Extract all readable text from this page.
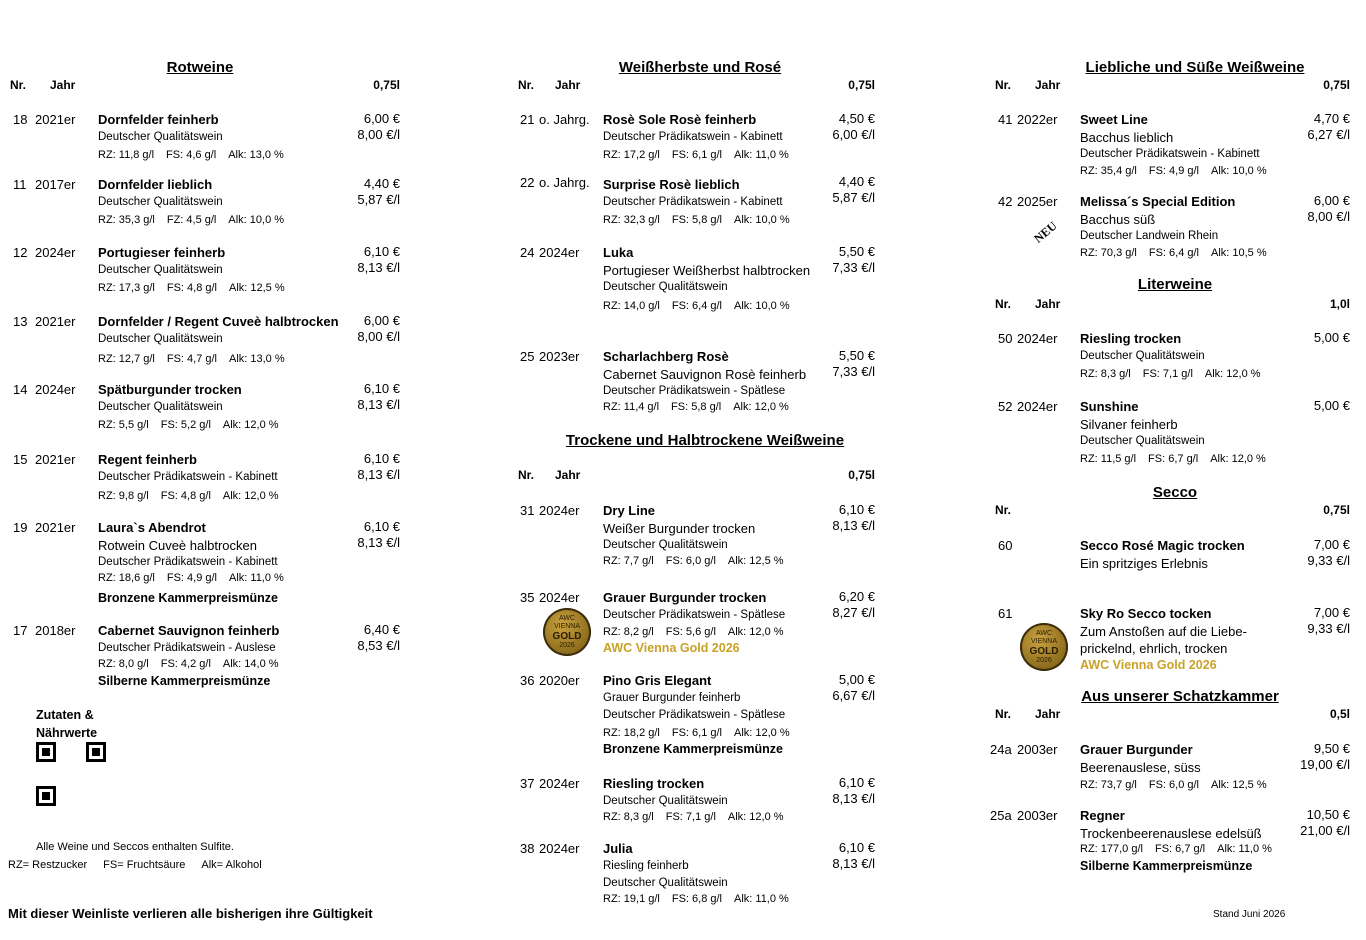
Rotweine
Nr. Jahr	0,75l
18 2021er Dornfelder feinherb
Deutscher Qualitätswein
RZ: 11,8 g/l FS: 4,6 g/l Alk: 13,0 %
6,00 €
8,00 €/l
11 2017er Dornfelder lieblich
Deutscher Qualitätswein
RZ: 35,3 g/l FZ: 4,5 g/l Alk: 10,0 %
4,40 €
5,87 €/l
12 2024er Portugieser feinherb
Deutscher Qualitätswein
RZ: 17,3 g/l FS: 4,8 g/l Alk: 12,5 %
6,10 €
8,13 €/l
13 2021er Dornfelder / Regent Cuveè halbtrocken
Deutscher Qualitätswein
RZ: 12,7 g/l FS: 4,7 g/l Alk: 13,0 %
6,00 €
8,00 €/l
14 2024er Spätburgunder trocken
Deutscher Qualitätswein
RZ: 5,5 g/l FS: 5,2 g/l Alk: 12,0 %
6,10 €
8,13 €/l
15 2021er Regent feinherb
Deutscher Prädikatswein - Kabinett
RZ: 9,8 g/l FS: 4,8 g/l Alk: 12,0 %
6,10 €
8,13 €/l
19 2021er Laura`s Abendrot
Rotwein Cuveè halbtrocken
Deutscher Prädikatswein - Kabinett
RZ: 18,6 g/l FS: 4,9 g/l Alk: 11,0 %
Bronzene Kammerpreismünze
6,10 €
8,13 €/l
17 2018er Cabernet Sauvignon feinherb
Deutscher Prädikatswein - Auslese
RZ: 8,0 g/l FS: 4,2 g/l Alk: 14,0 %
Silberne Kammerpreismünze
6,40 €
8,53 €/l
Zutaten &
Nährwerte
Alle Weine und Seccos enthalten Sulfite.
RZ= Restzucker FS= Fruchtsäure Alk= Alkohol
Mit dieser Weinliste verlieren alle bisherigen ihre Gültigkeit
Weißherbste und Rosé
Nr. Jahr	0,75l
21 o. Jahrg. Rosè Sole Rosè feinherb
Deutscher Prädikatswein - Kabinett
RZ: 17,2 g/l FS: 6,1 g/l Alk: 11,0 %
4,50 €
6,00 €/l
22 o. Jahrg. Surprise Rosè lieblich
Deutscher Prädikatswein - Kabinett
RZ: 32,3 g/l FS: 5,8 g/l Alk: 10,0 %
4,40 €
5,87 €/l
24 2024er Luka
Portugieser Weißherbst halbtrocken
Deutscher Qualitätswein
RZ: 14,0 g/l FS: 6,4 g/l Alk: 10,0 %
5,50 €
7,33 €/l
25 2023er Scharlachberg Rosè
Cabernet Sauvignon Rosè feinherb
Deutscher Prädikatswein - Spätlese
RZ: 11,4 g/l FS: 5,8 g/l Alk: 12,0 %
5,50 €
7,33 €/l
Trockene und Halbtrockene Weißweine
Nr. Jahr	0,75l
31 2024er Dry Line
Weißer Burgunder trocken
Deutscher Qualitätswein
RZ: 7,7 g/l FS: 6,0 g/l Alk: 12,5 %
6,10 €
8,13 €/l
35 2024er Grauer Burgunder trocken
Deutscher Prädikatswein - Spätlese
RZ: 8,2 g/l FS: 5,6 g/l Alk: 12,0 %
AWC Vienna Gold 2026
6,20 €
8,27 €/l
AWC
VIENNA
GOLD
2026
36 2020er Pino Gris Elegant
Grauer Burgunder feinherb
Deutscher Prädikatswein - Spätlese
RZ: 18,2 g/l FS: 6,1 g/l Alk: 12,0 %
Bronzene Kammerpreismünze
5,00 €
6,67 €/l
37 2024er Riesling trocken
Deutscher Qualitätswein
RZ: 8,3 g/l FS: 7,1 g/l Alk: 12,0 %
6,10 €
8,13 €/l
38 2024er Julia
Riesling feinherb
Deutscher Qualitätswein
RZ: 19,1 g/l FS: 6,8 g/l Alk: 11,0 %
6,10 €
8,13 €/l
Liebliche und Süße Weißweine
Nr. Jahr	0,75l
41 2022er Sweet Line
Bacchus lieblich
Deutscher Prädikatswein - Kabinett
RZ: 35,4 g/l FS: 4,9 g/l Alk: 10,0 %
4,70 €
6,27 €/l
42 2025er Melissa´s Special Edition
Bacchus süß
Deutscher Landwein Rhein
RZ: 70,3 g/l FS: 6,4 g/l Alk: 10,5 %
6,00 €
8,00 €/l
NEU
Literweine
Nr. Jahr	1,0l
50 2024er Riesling trocken
Deutscher Qualitätswein
RZ: 8,3 g/l FS: 7,1 g/l Alk: 12,0 %
5,00 €
52 2024er Sunshine
Silvaner feinherb
Deutscher Qualitätswein
RZ: 11,5 g/l FS: 6,7 g/l Alk: 12,0 %
5,00 €
Secco
Nr.	0,75l
60	Secco Rosé Magic trocken
Ein spritziges Erlebnis
7,00 €
9,33 €/l
61	Sky Ro Secco tocken
Zum Anstoßen auf die Liebe-
prickelnd, ehrlich, trocken
AWC Vienna Gold 2026
7,00 €
9,33 €/l
AWC
VIENNA
GOLD
2026
Aus unserer Schatzkammer
Nr. Jahr	0,5l
24a 2003er Grauer Burgunder
Beerenauslese, süss
RZ: 73,7 g/l FS: 6,0 g/l Alk: 12,5 %
9,50 €
19,00 €/l
25a 2003er Regner
Trockenbeerenauslese edelsüß
RZ: 177,0 g/l FS: 6,7 g/l Alk: 11,0 %
Silberne Kammerpreismünze
10,50 €
21,00 €/l
Stand Juni 2026
